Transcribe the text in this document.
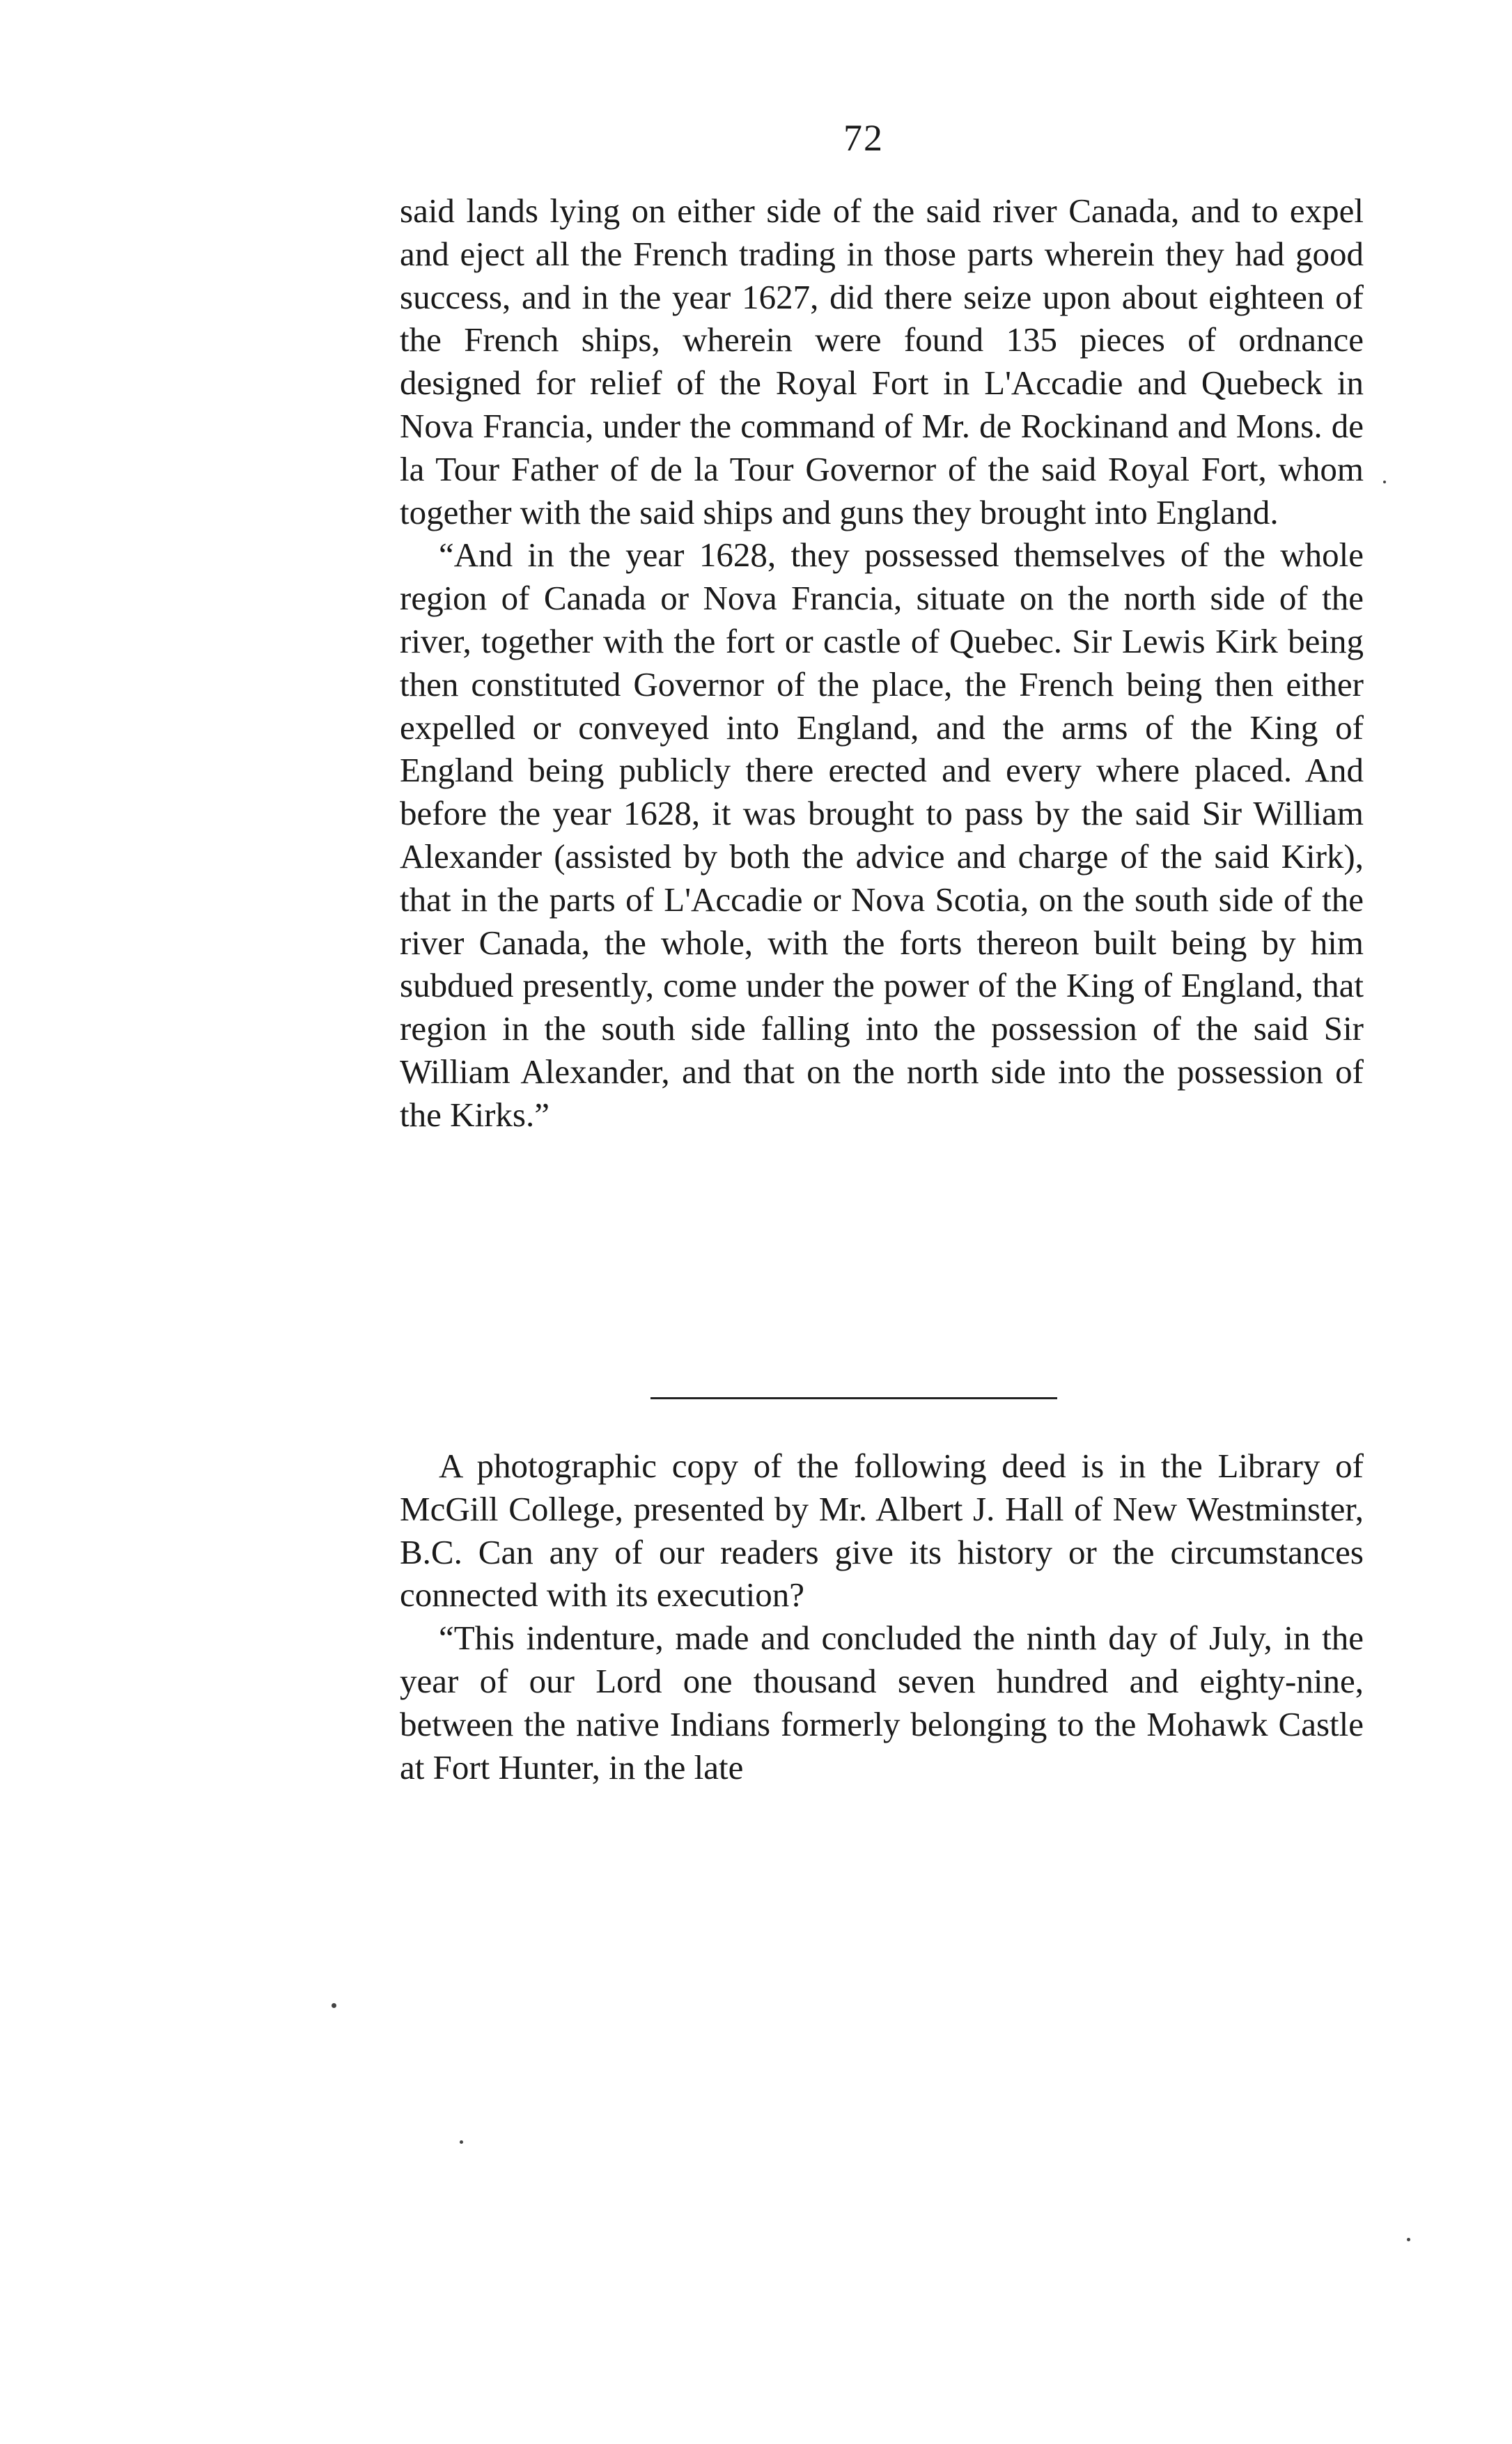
72

said lands lying on either side of the said river Canada, and to expel and eject all the French trading in those parts wherein they had good success, and in the year 1627, did there seize upon about eighteen of the French ships, wherein were found 135 pieces of ordnance designed for relief of the Royal Fort in L'Accadie and Quebeck in Nova Francia, under the command of Mr. de Rockinand and Mons. de la Tour Father of de la Tour Governor of the said Royal Fort, whom together with the said ships and guns they brought into England.

“And in the year 1628, they possessed themselves of the whole region of Canada or Nova Francia, situate on the north side of the river, together with the fort or castle of Quebec. Sir Lewis Kirk being then constituted Governor of the place, the French being then either expelled or conveyed into England, and the arms of the King of England being publicly there erected and every where placed. And before the year 1628, it was brought to pass by the said Sir William Alexander (assisted by both the advice and charge of the said Kirk), that in the parts of L'Accadie or Nova Scotia, on the south side of the river Canada, the whole, with the forts thereon built being by him subdued presently, come under the power of the King of England, that region in the south side falling into the possession of the said Sir William Alexander, and that on the north side into the possession of the Kirks.”

A photographic copy of the following deed is in the Library of McGill College, presented by Mr. Albert J. Hall of New Westminster, B.C. Can any of our readers give its history or the circumstances connected with its execution?

“This indenture, made and concluded the ninth day of July, in the year of our Lord one thousand seven hundred and eighty-nine, between the native Indians formerly belonging to the Mohawk Castle at Fort Hunter, in the late
